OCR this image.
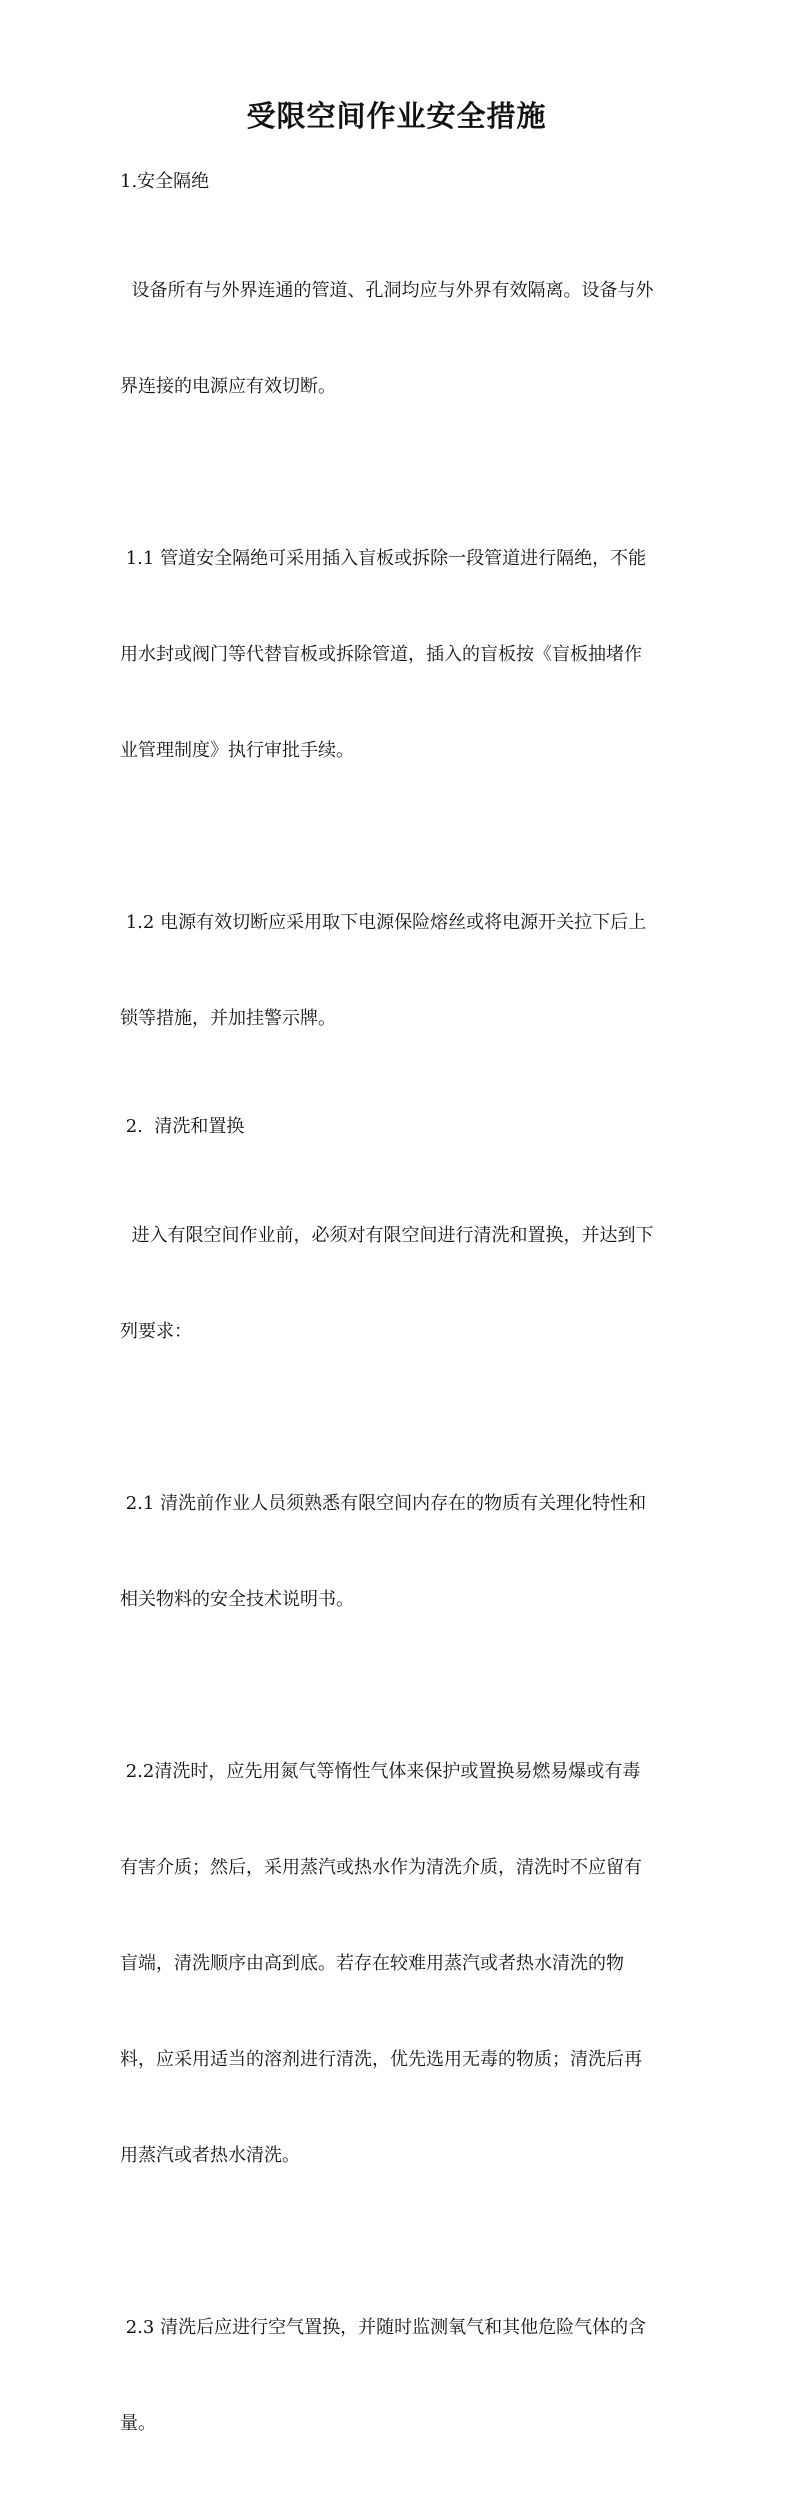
受限空间作业安全措施

1.安全隔绝

设备所有与外界连通的管道、孔洞均应与外界有效隔离。设备与外

界连接的电源应有效切断。

1.1 管道安全隔绝可采用插入盲板或拆除一段管道进行隔绝，不能

用水封或阀门等代替盲板或拆除管道，插入的盲板按《盲板抽堵作

业管理制度》执行审批手续。

1.2 电源有效切断应采用取下电源保险熔丝或将电源开关拉下后上

锁等措施，并加挂警示牌。

2.  清洗和置换

进入有限空间作业前，必须对有限空间进行清洗和置换，并达到下

列要求：

2.1 清洗前作业人员须熟悉有限空间内存在的物质有关理化特性和

相关物料的安全技术说明书。

2.2清洗时，应先用氮气等惰性气体来保护或置换易燃易爆或有毒

有害介质；然后，采用蒸汽或热水作为清洗介质，清洗时不应留有

盲端，清洗顺序由高到底。若存在较难用蒸汽或者热水清洗的物

料，应采用适当的溶剂进行清洗，优先选用无毒的物质；清洗后再

用蒸汽或者热水清洗。

2.3 清洗后应进行空气置换，并随时监测氧气和其他危险气体的含

量。
